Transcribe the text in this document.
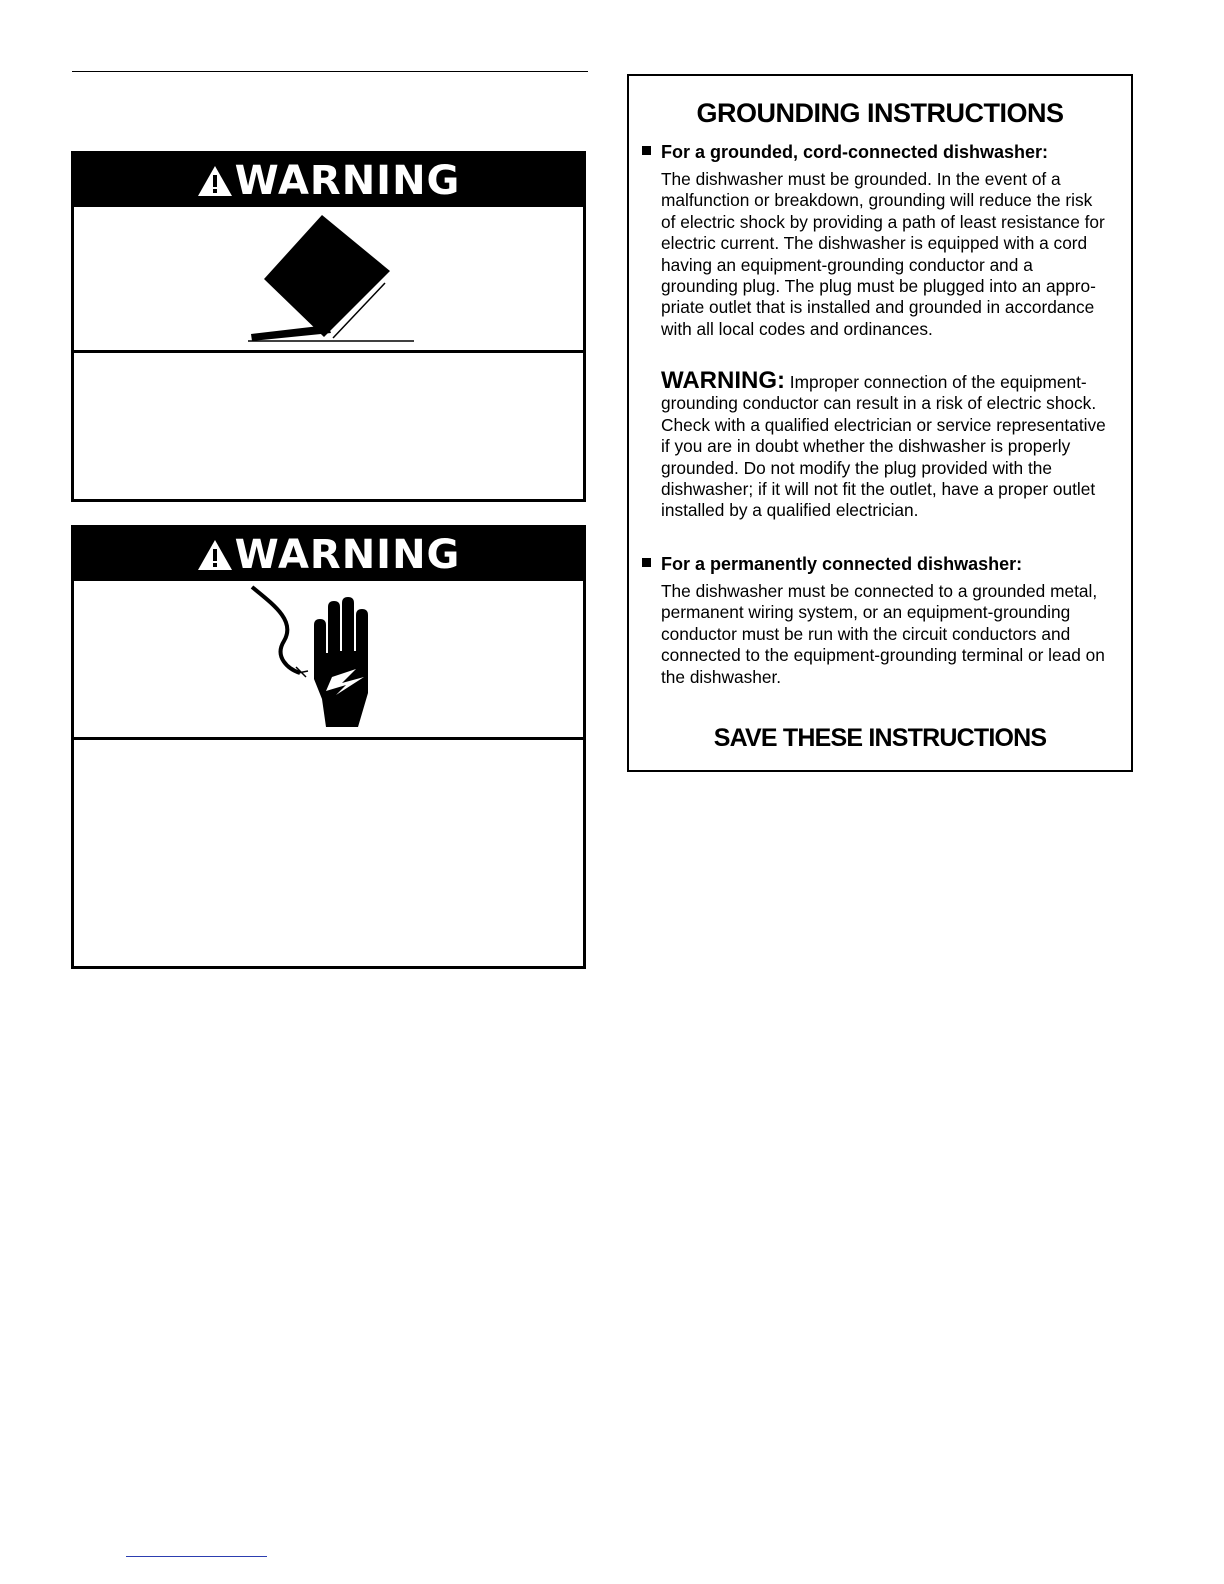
WARNING
WARNING
GROUNDING INSTRUCTIONS
For a grounded, cord-connected dishwasher:
The dishwasher must be grounded. In the event of a malfunction or breakdown, grounding will reduce the risk of electric shock by providing a path of least resistance for electric current. The dishwasher is equipped with a cord having an equipment-grounding conductor and a grounding plug. The plug must be plugged into an appro-priate outlet that is installed and grounded in accordance with all local codes and ordinances.
WARNING: Improper connection of the equipment-grounding conductor can result in a risk of electric shock. Check with a qualified electrician or service representative if you are in doubt whether the dishwasher is properly grounded. Do not modify the plug provided with the dishwasher; if it will not fit the outlet, have a proper outlet installed by a qualified electrician.
For a permanently connected dishwasher:
The dishwasher must be connected to a grounded metal, permanent wiring system, or an equipment-grounding conductor must be run with the circuit conductors and connected to the equipment-grounding terminal or lead on the dishwasher.
SAVE THESE INSTRUCTIONS
